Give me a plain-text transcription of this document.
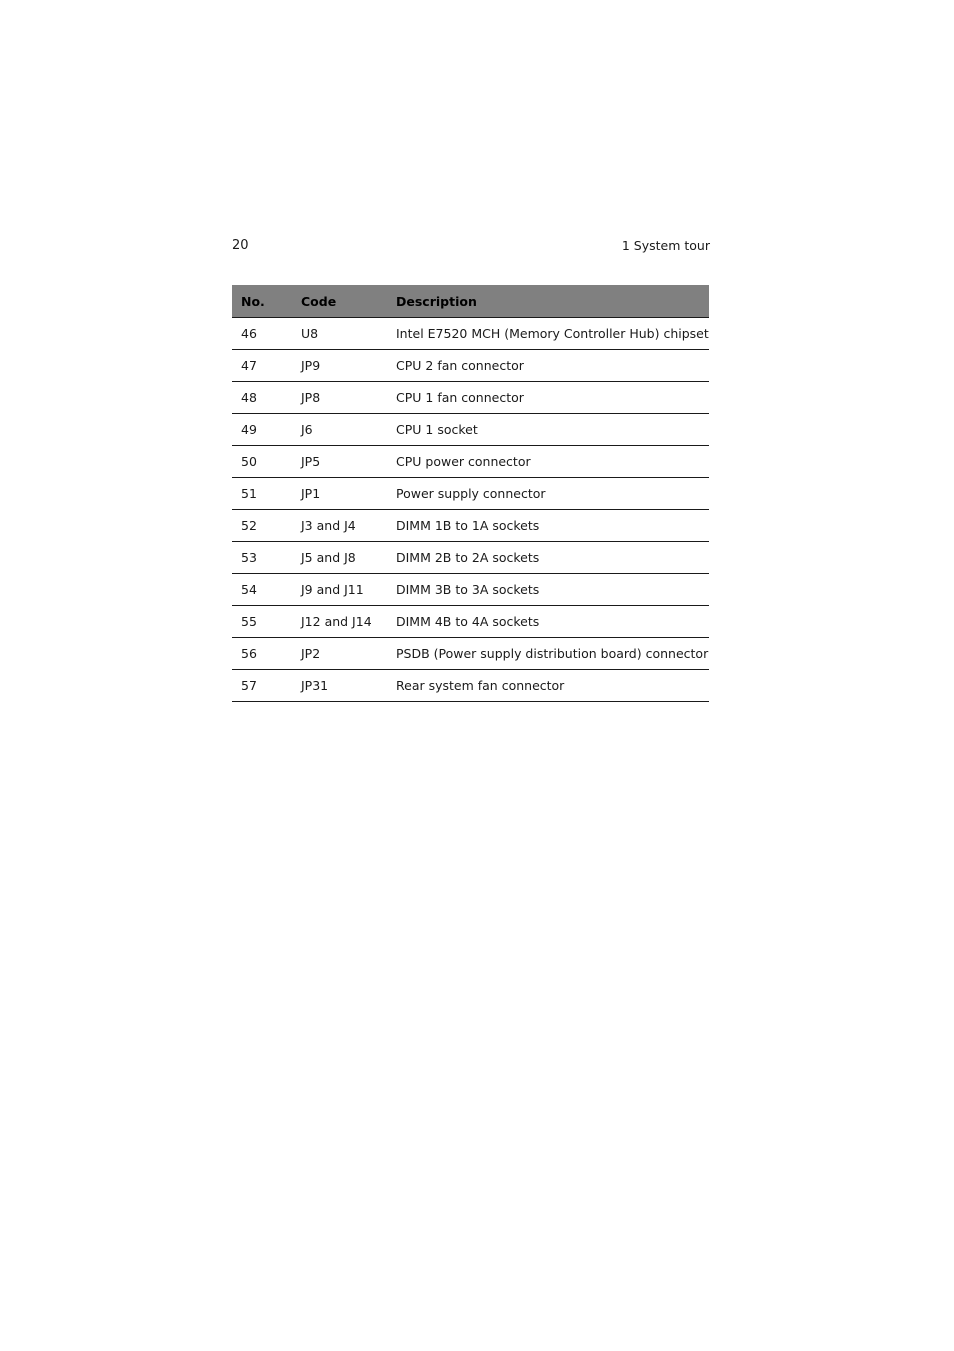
20	1 System tour
No.	Code	Description
46	U8	Intel E7520 MCH (Memory Controller Hub) chipset
47	JP9	CPU 2 fan connector
48	JP8	CPU 1 fan connector
49	J6	CPU 1 socket
50	JP5	CPU power connector
51	JP1	Power supply connector
52	J3 and J4	DIMM 1B to 1A sockets
53	J5 and J8	DIMM 2B to 2A sockets
54	J9 and J11	DIMM 3B to 3A sockets
55	J12 and J14	DIMM 4B to 4A sockets
56	JP2	PSDB (Power supply distribution board) connector
57	JP31	Rear system fan connector
